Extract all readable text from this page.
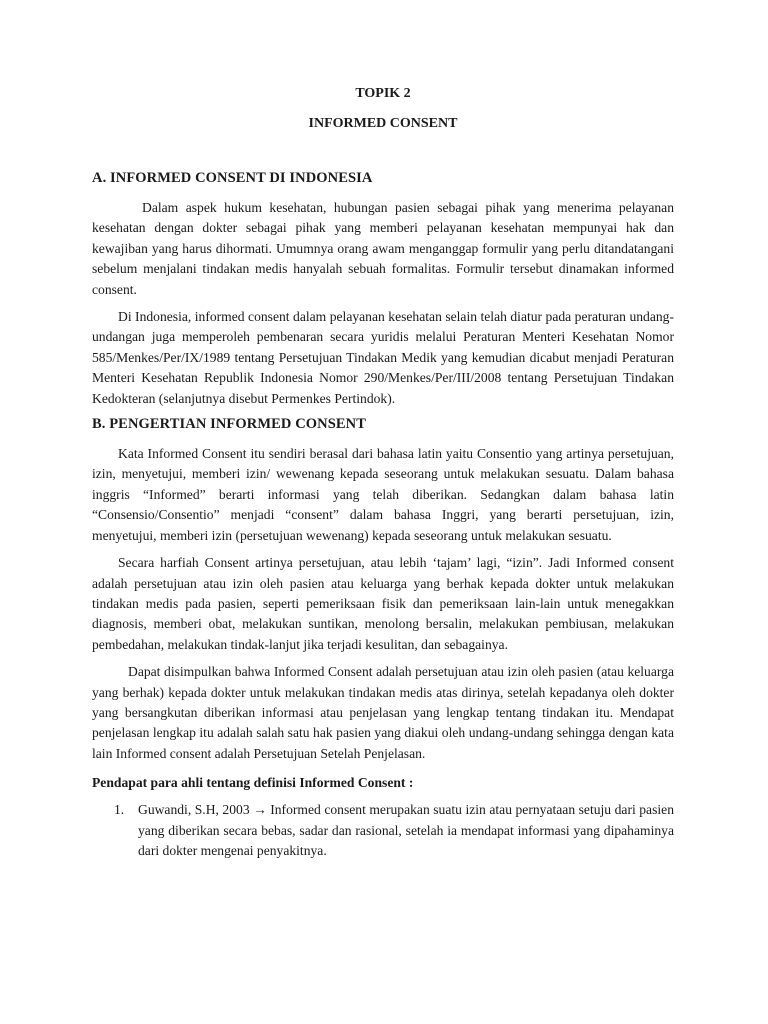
TOPIK 2

INFORMED CONSENT

A. INFORMED CONSENT DI INDONESIA

Dalam aspek hukum kesehatan, hubungan pasien sebagai pihak yang menerima pelayanan kesehatan dengan dokter sebagai pihak yang memberi pelayanan kesehatan mempunyai hak dan kewajiban yang harus dihormati. Umumnya orang awam menganggap formulir yang perlu ditandatangani sebelum menjalani tindakan medis hanyalah sebuah formalitas. Formulir tersebut dinamakan informed consent.

Di Indonesia, informed consent dalam pelayanan kesehatan selain telah diatur pada peraturan undang-undangan juga memperoleh pembenaran secara yuridis melalui Peraturan Menteri Kesehatan Nomor 585/Menkes/Per/IX/1989 tentang Persetujuan Tindakan Medik yang kemudian dicabut menjadi Peraturan Menteri Kesehatan Republik Indonesia Nomor 290/Menkes/Per/III/2008 tentang Persetujuan Tindakan Kedokteran (selanjutnya disebut Permenkes Pertindok).

B. PENGERTIAN INFORMED CONSENT

Kata Informed Consent itu sendiri berasal dari bahasa latin yaitu Consentio yang artinya persetujuan, izin, menyetujui, memberi izin/ wewenang kepada seseorang untuk melakukan sesuatu. Dalam bahasa inggris “Informed” berarti informasi yang telah diberikan. Sedangkan dalam bahasa latin “Consensio/Consentio” menjadi “consent” dalam bahasa Inggri, yang berarti persetujuan, izin, menyetujui, memberi izin (persetujuan wewenang) kepada seseorang untuk melakukan sesuatu.

Secara harfiah Consent artinya persetujuan, atau lebih ‘tajam’ lagi, “izin”. Jadi Informed consent adalah persetujuan atau izin oleh pasien atau keluarga yang berhak kepada dokter untuk melakukan tindakan medis pada pasien, seperti pemeriksaan fisik dan pemeriksaan lain-lain untuk menegakkan diagnosis, memberi obat, melakukan suntikan, menolong bersalin, melakukan pembiusan, melakukan pembedahan, melakukan tindak-lanjut jika terjadi kesulitan, dan sebagainya.

Dapat disimpulkan bahwa Informed Consent adalah persetujuan atau izin oleh pasien (atau keluarga yang berhak) kepada dokter untuk melakukan tindakan medis atas dirinya, setelah kepadanya oleh dokter yang bersangkutan diberikan informasi atau penjelasan yang lengkap tentang tindakan itu. Mendapat penjelasan lengkap itu adalah salah satu hak pasien yang diakui oleh undang-undang sehingga dengan kata lain Informed consent adalah Persetujuan Setelah Penjelasan.

Pendapat para ahli tentang definisi Informed Consent :
1. Guwandi, S.H, 2003 → Informed consent merupakan suatu izin atau pernyataan setuju dari pasien yang diberikan secara bebas, sadar dan rasional, setelah ia mendapat informasi yang dipahaminya dari dokter mengenai penyakitnya.
